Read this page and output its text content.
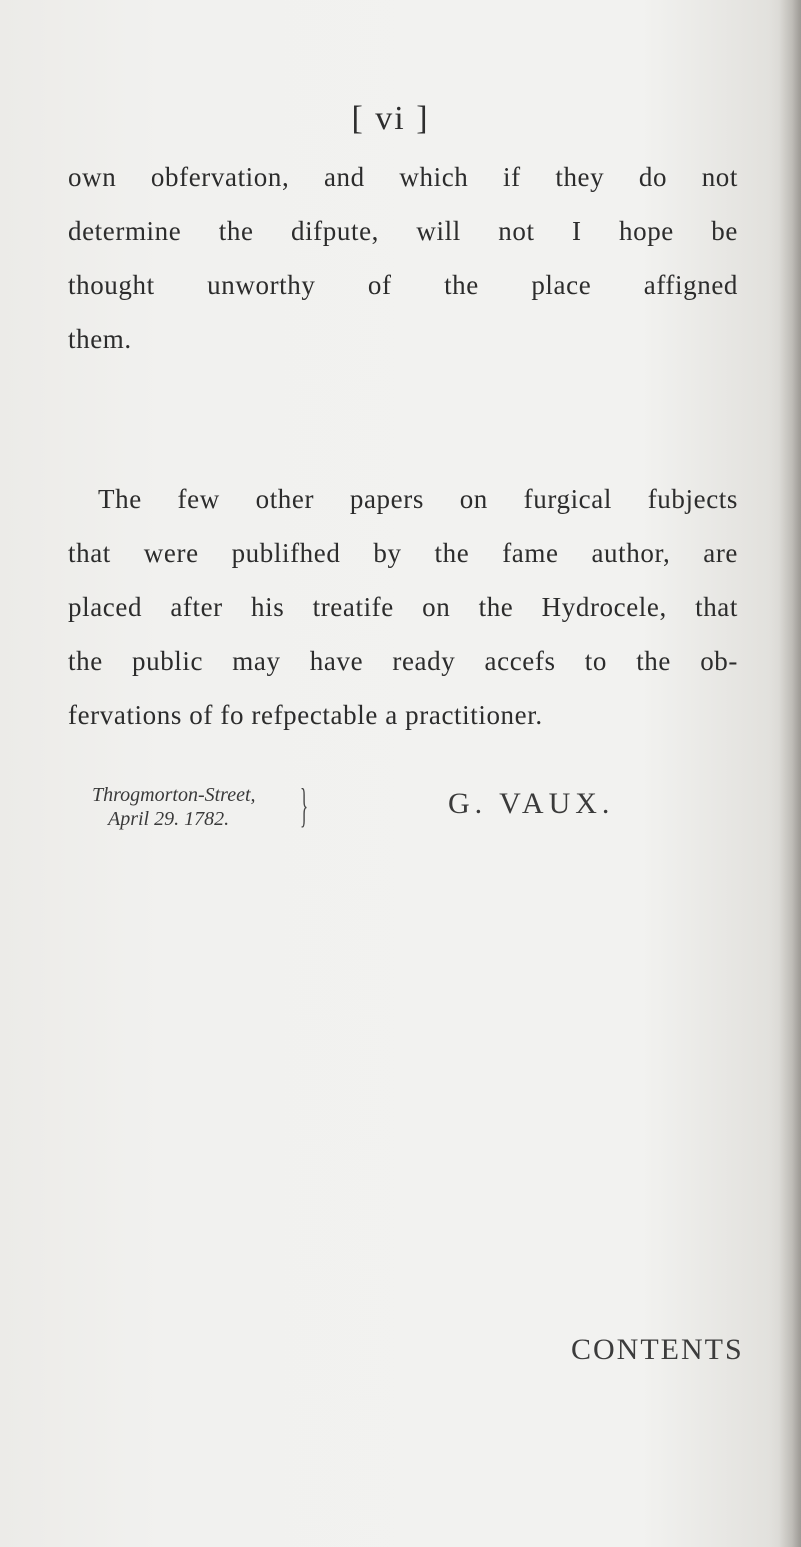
[ vi ]
own obfervation, and which if they do not
determine the difpute, will not I hope be
thought unworthy of the place affigned
them.
The few other papers on furgical fubjects
that were publifhed by the fame author, are
placed after his treatife on the Hydrocele, that
the public may have ready accefs to the ob-
fervations of fo refpectable a practitioner.
Throgmorton-Street,
April 29. 1782.	}	G. VAUX.
CONTENTS
